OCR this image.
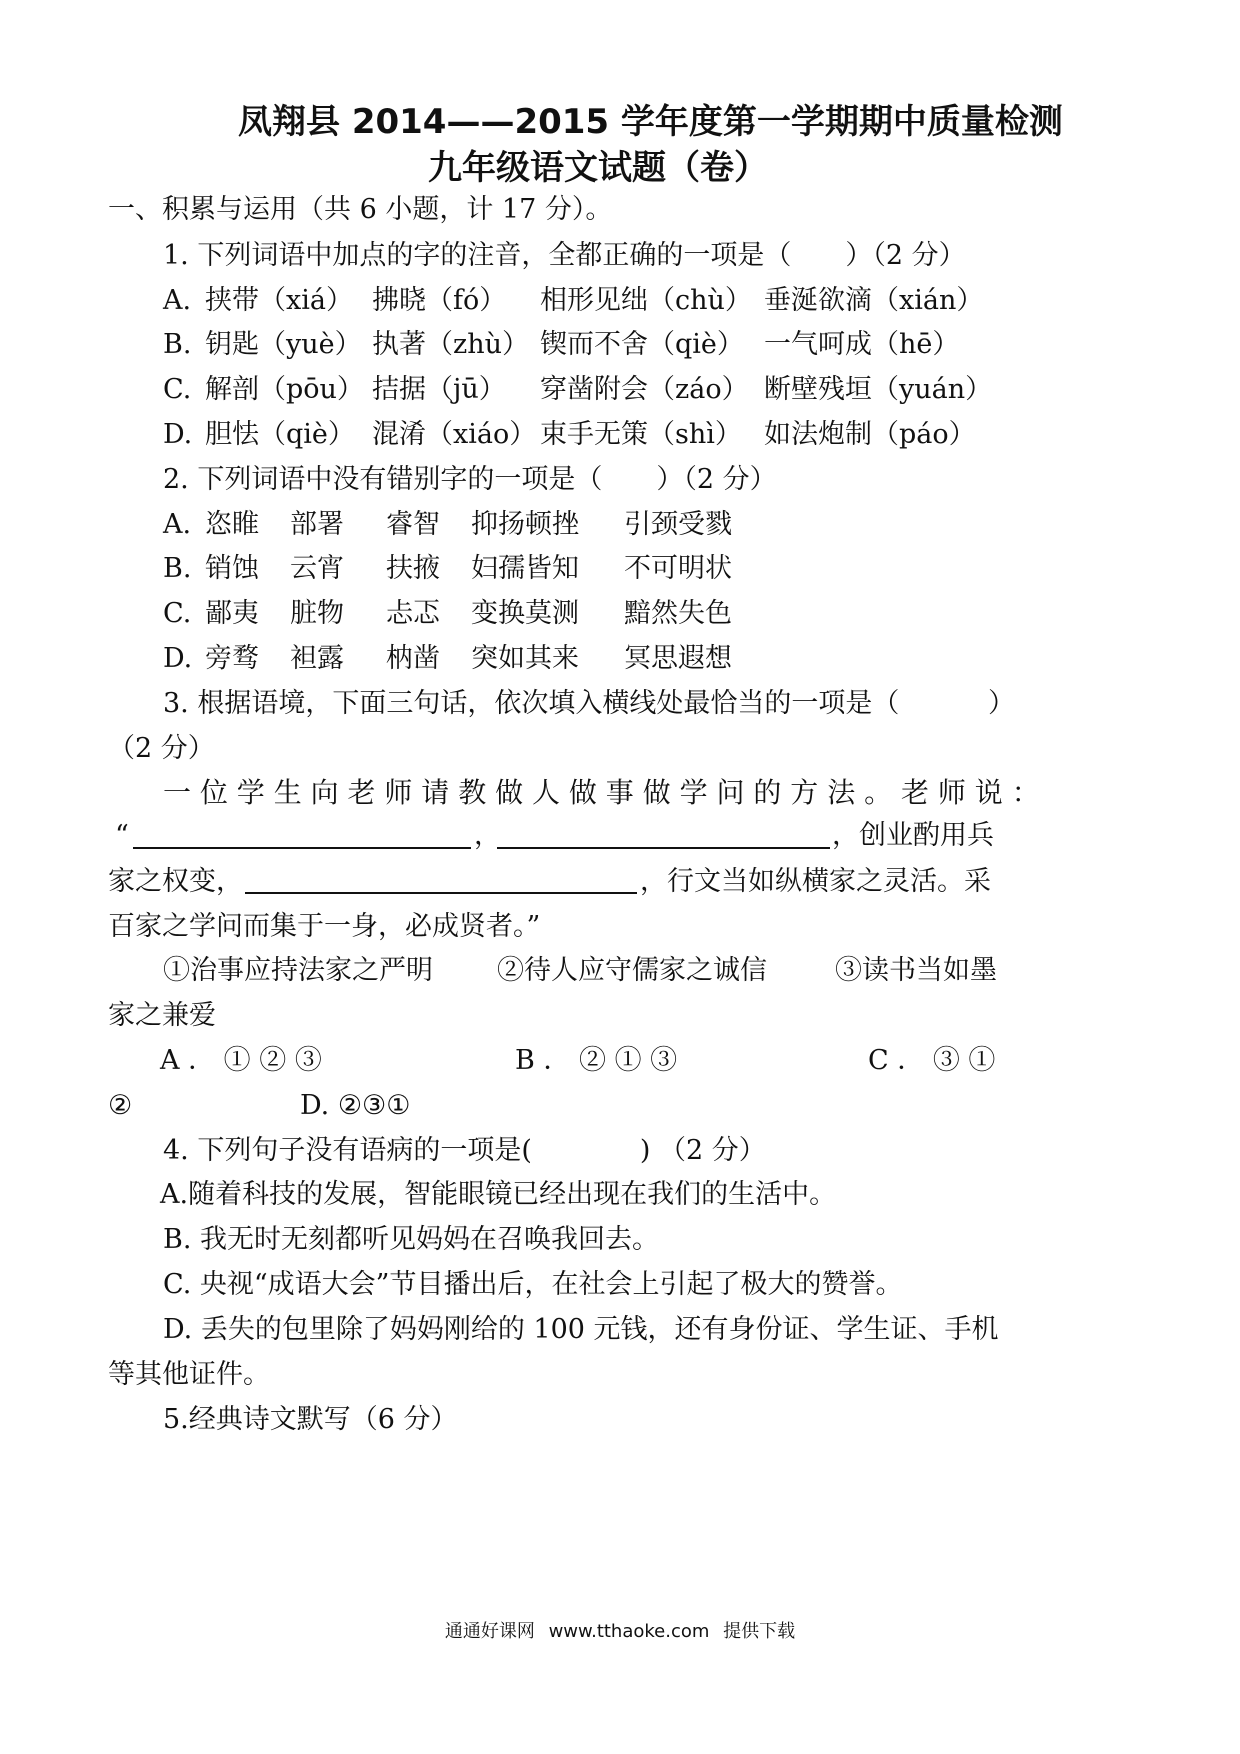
凤翔县 2014——2015 学年度第一学期期中质量检测
九年级语文试题（卷）
一、积累与运用（共 6 小题，计 17 分）。
1. 下列词语中加点的字的注音，全都正确的一项是（　　）（2 分）
A. 挟带（xiá） 拂晓（fó） 相形见绌（chù） 垂涎欲滴（xián）
B. 钥匙（yuè） 执著（zhù） 锲而不舍（qiè） 一气呵成（hē）
C. 解剖（pōu） 拮据（jū） 穿凿附会（záo） 断壁残垣（yuán）
D. 胆怯（qiè） 混淆（xiáo） 束手无策（shì） 如法炮制（páo）
2. 下列词语中没有错别字的一项是（　　）（2 分）
A. 恣睢 部署 睿智 抑扬顿挫 引颈受戮
B. 销蚀 云宵 扶掖 妇孺皆知 不可明状
C. 鄙夷 脏物 忐忑 变换莫测 黯然失色
D. 旁骛 袒露 枘凿 突如其来 冥思遐想
3. 根据语境，下面三句话，依次填入横线处最恰当的一项是（	）
（2 分）
一 位 学 生 向 老 师 请 教 做 人 做 事 做 学 问 的 方 法 。 老 师 说 ：
“	，	，创业酌用兵
家之权变，	，行文当如纵横家之灵活。采
百家之学问而集于一身，必成贤者。”
①治事应持法家之严明 ②待人应守儒家之诚信	③读书当如墨
家之兼爱
A ． ① ② ③	B ． ② ① ③	C ． ③ ①
②	D. ②③①
4. 下列句子没有语病的一项是(　　　　) （2 分）
A.随着科技的发展，智能眼镜已经出现在我们的生活中。
B. 我无时无刻都听见妈妈在召唤我回去。
C. 央视“成语大会”节目播出后，在社会上引起了极大的赞誉。
D. 丢失的包里除了妈妈刚给的 100 元钱，还有身份证、学生证、手机
等其他证件。
5.经典诗文默写（6 分）
通通好课网 www.tthaoke.com 提供下载
